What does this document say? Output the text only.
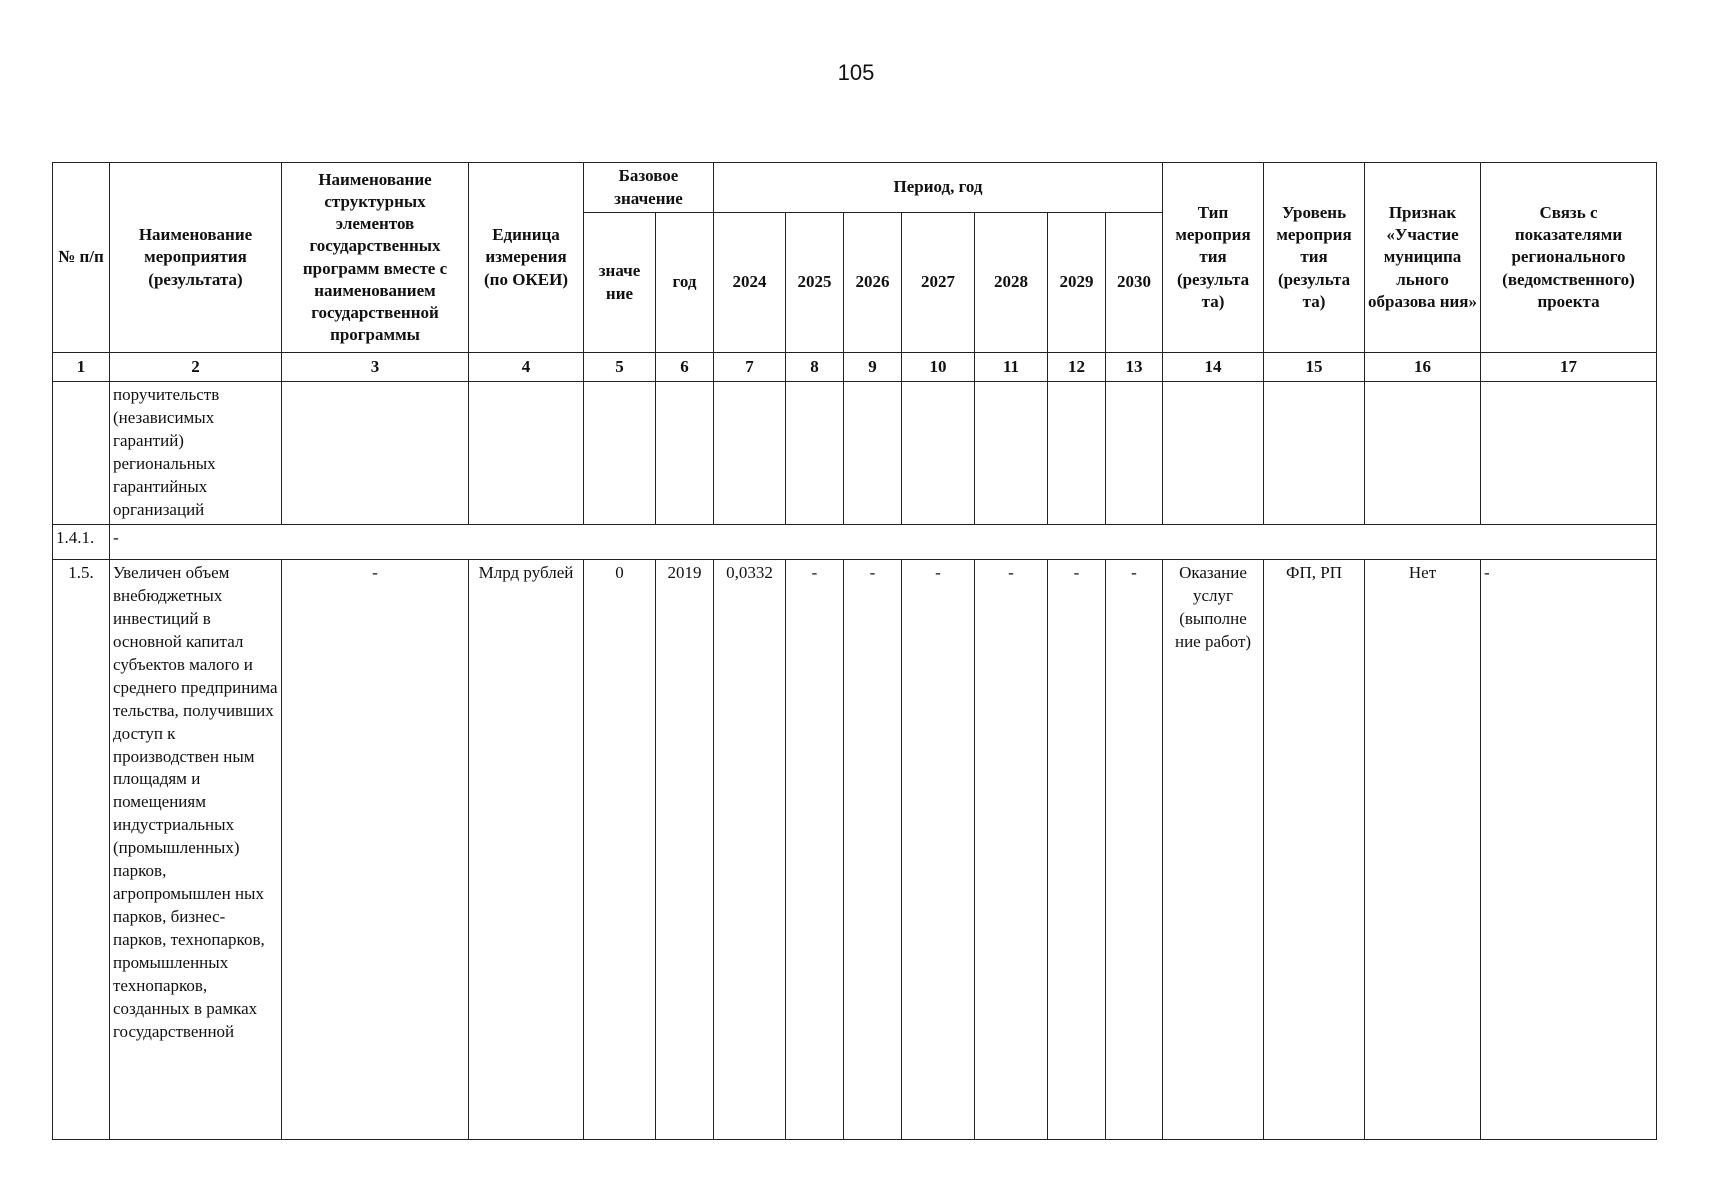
105
№ п/п	Наименование мероприятия (результата)	Наименование структурных элементов государственных программ вместе с наименованием государственной программы	Единица измерения (по ОКЕИ)	Базовое значение		Период, год							Тип мероприя тия (результа та)	Уровень мероприя тия (результа та)	Признак «Участие муниципа льного образова ния»	Связь с показателями регионального (ведомственного) проекта
				значе ние	год	2024	2025	2026	2027	2028	2029	2030				
1	2	3	4	5	6	7	8	9	10	11	12	13	14	15	16	17
	поручительств (независимых гарантий) региональных гарантийных организаций															
1.4.1.	-															
1.5.	Увеличен объем внебюджетных инвестиций в основной капитал субъектов малого и среднего предпринима тельства, получивших доступ к производствен ным площадям и помещениям индустриальных (промышленных) парков, агропромышлен ных парков, бизнес-парков, технопарков, промышленных технопарков, созданных в рамках государственной	-	Млрд рублей	0	2019	0,0332	-	-	-	-	-	-	Оказание услуг (выполне ние работ)	ФП, РП	Нет	-
